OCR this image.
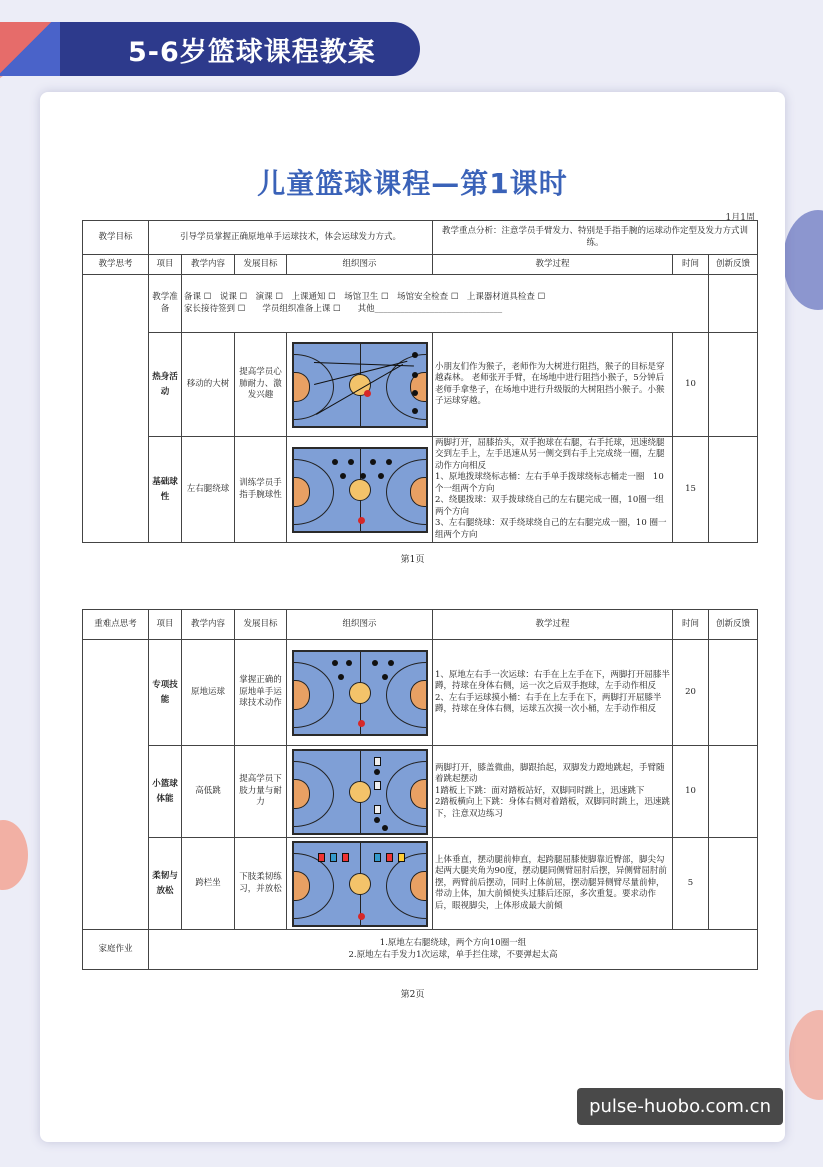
5-6岁篮球课程教案
儿童篮球课程—第1课时
1月1周
教学目标	引导学员掌握正确原地单手运球技术，体会运球发力方式。				教学重点分析：注意学员手臂发力、特别是手指手腕的运球动作定型及发力方式训练。		
教学思考	项目	教学内容	发展目标	组织图示	教学过程	时间	创新反馈
	教学准备	备课 ☐　说课 ☐　演课 ☐　上课通知 ☐　场馆卫生 ☐　场馆安全检查 ☐　上课器材道具检查 ☐
家长接待签到 ☐　　学员组织准备上课 ☐　　其他______________________________					

	热身活动	移动的大树	提高学员心肺耐力、激发兴趣		小朋友们作为猴子，老师作为大树进行阻挡，猴子的目标是穿越森林。 老师张开手臂，在场地中进行阻挡小猴子，5分钟后老师手拿垫子，在场地中进行升级版的大树阻挡小猴子。小猴子运球穿越。	10	
	基础球性	左右腿绕球	训练学员手指手腕球性		两脚打开，屈膝抬头，双手抱球在右腿，右手托球，迅速绕腿交到左手上，左手迅速从另一侧交到右手上完成绕一圈，左腿动作方向相反
1、原地拨球绕标志桶：左右手单手拨球绕标志桶走一圈　10个一组两个方向
2、绕腿拨球：双手拨球绕自己的左右腿完成一圈，10圈一组两个方向
3、左右腿绕球：双手绕球绕自己的左右腿完成一圈，10 圈一组两个方向	15	
第1页
重难点思考	项目	教学内容	发展目标	组织图示	教学过程	时间	创新反馈
	专项技能	原地运球	掌握正确的原地单手运球技术动作		1、原地左右手一次运球：右手在上左手在下，两脚打开屈膝半蹲，持球在身体右侧，运一次之后双手抱球，左手动作相反
2、左右手运球摸小桶：右手在上左手在下，两脚打开屈膝半蹲，持球在身体右侧，运球五次摸一次小桶，左手动作相反	20	
	小篮球体能	高低跳	提高学员下肢力量与耐力		两脚打开，膝盖微曲，脚跟抬起，双脚发力蹬地跳起，手臂随着跳起摆动
1踏板上下跳：面对踏板站好，双脚同时跳上，迅速跳下
2踏板横向上下跳：身体右侧对着踏板，双脚同时跳上，迅速跳下，注意双边练习	10	
	柔韧与放松	跨栏坐	下肢柔韧练习，并放松		上体垂直，摆动腿前伸直，起跨腿屈膝使脚靠近臀部，脚尖勾起两大腿夹角为90度，摆动腿同侧臂屈肘后摆，异侧臂屈肘前摆，两臂前后摆动，同时上体前屈，摆动腿异侧臂尽量前伸，带动上体，加大前倾使头过膝后还原，多次重复。要求动作后，眼视脚尖，上体形成最大前倾	5	
家庭作业	1.原地左右腿绕球，两个方向10圈一组
2.原地左右手发力1次运球，单手拦住球，不要弹起太高						
第2页
pulse-huobo.com.cn
